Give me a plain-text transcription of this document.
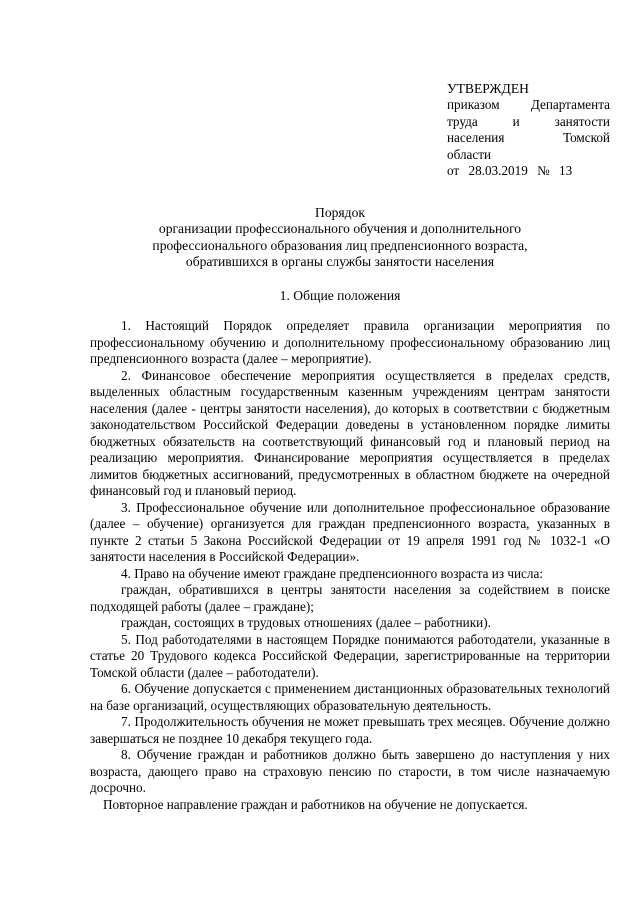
УТВЕРЖДЕН
приказом Департамента
труда и занятости
населения Томской
области
от 28.03.2019 № 13
Порядок
организации профессионального обучения и дополнительного
профессионального образования лиц предпенсионного возраста,
обратившихся в органы службы занятости населения
1. Общие положения

1. Настоящий Порядок определяет правила организации мероприятия по профессиональному обучению и дополнительному профессиональному образованию лиц предпенсионного возраста (далее – мероприятие).

2. Финансовое обеспечение мероприятия осуществляется в пределах средств, выделенных областным государственным казенным учреждениям центрам занятости населения (далее - центры занятости населения), до которых в соответствии с бюджетным законодательством Российской Федерации доведены в установленном порядке лимиты бюджетных обязательств на соответствующий финансовый год и плановый период на реализацию мероприятия. Финансирование мероприятия осуществляется в пределах лимитов бюджетных ассигнований, предусмотренных в областном бюджете на очередной финансовый год и плановый период.

3. Профессиональное обучение или дополнительное профессиональное образование (далее – обучение) организуется для граждан предпенсионного возраста, указанных в пункте 2 статьи 5 Закона Российской Федерации от 19 апреля 1991 год № 1032-1 «О занятости населения в Российской Федерации».

4. Право на обучение имеют граждане предпенсионного возраста из числа:

граждан, обратившихся в центры занятости населения за содействием в поиске подходящей работы (далее – граждане);

граждан, состоящих в трудовых отношениях (далее – работники).

5. Под работодателями в настоящем Порядке понимаются работодатели, указанные в статье 20 Трудового кодекса Российской Федерации, зарегистрированные на территории Томской области (далее – работодатели).

6. Обучение допускается с применением дистанционных образовательных технологий на базе организаций, осуществляющих образовательную деятельность.

7. Продолжительность обучения не может превышать трех месяцев. Обучение должно завершаться не позднее 10 декабря текущего года.

8. Обучение граждан и работников должно быть завершено до наступления у них возраста, дающего право на страховую пенсию по старости, в том числе назначаемую досрочно.

Повторное направление граждан и работников на обучение не допускается.
